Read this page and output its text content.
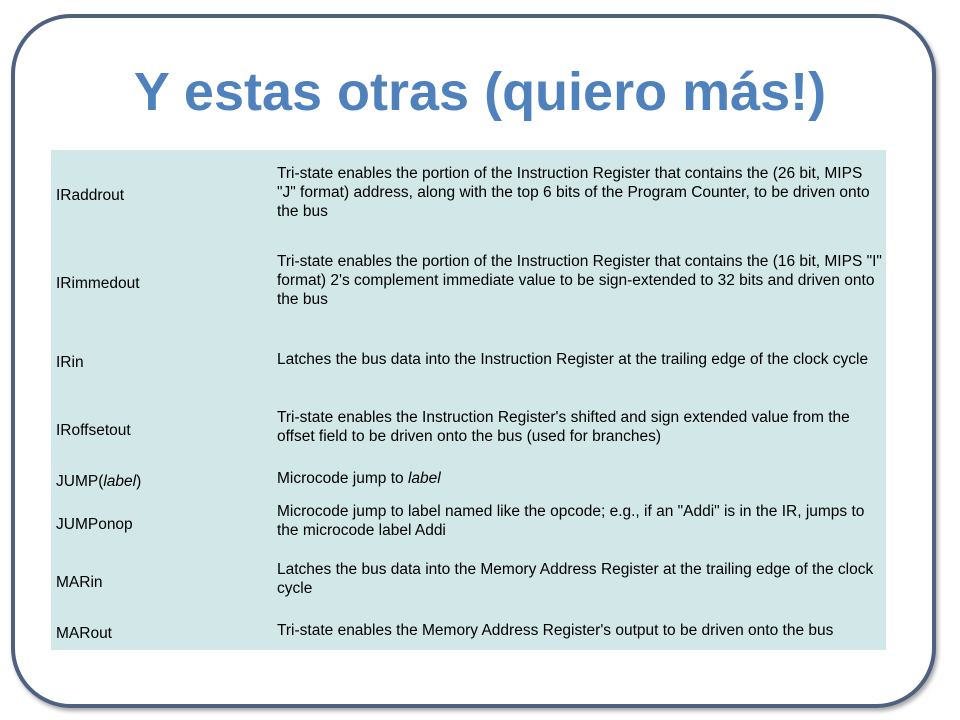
Y estas otras (quiero más!)
IRaddrout	Tri-state enables the portion of the Instruction Register that contains the (26 bit, MIPS "J" format) address, along with the top 6 bits of the Program Counter, to be driven onto the bus
IRimmedout	Tri-state enables the portion of the Instruction Register that contains the (16 bit, MIPS "I" format) 2's complement immediate value to be sign-extended to 32 bits and driven onto the bus
IRin	Latches the bus data into the Instruction Register at the trailing edge of the clock cycle
IRoffsetout	Tri-state enables the Instruction Register's shifted and sign extended value from the offset field to be driven onto the bus (used for branches)
JUMP(label)	Microcode jump to label
JUMPonop	Microcode jump to label named like the opcode; e.g., if an "Addi" is in the IR, jumps to the microcode label Addi
MARin	Latches the bus data into the Memory Address Register at the trailing edge of the clock cycle
MARout	Tri-state enables the Memory Address Register's output to be driven onto the bus
